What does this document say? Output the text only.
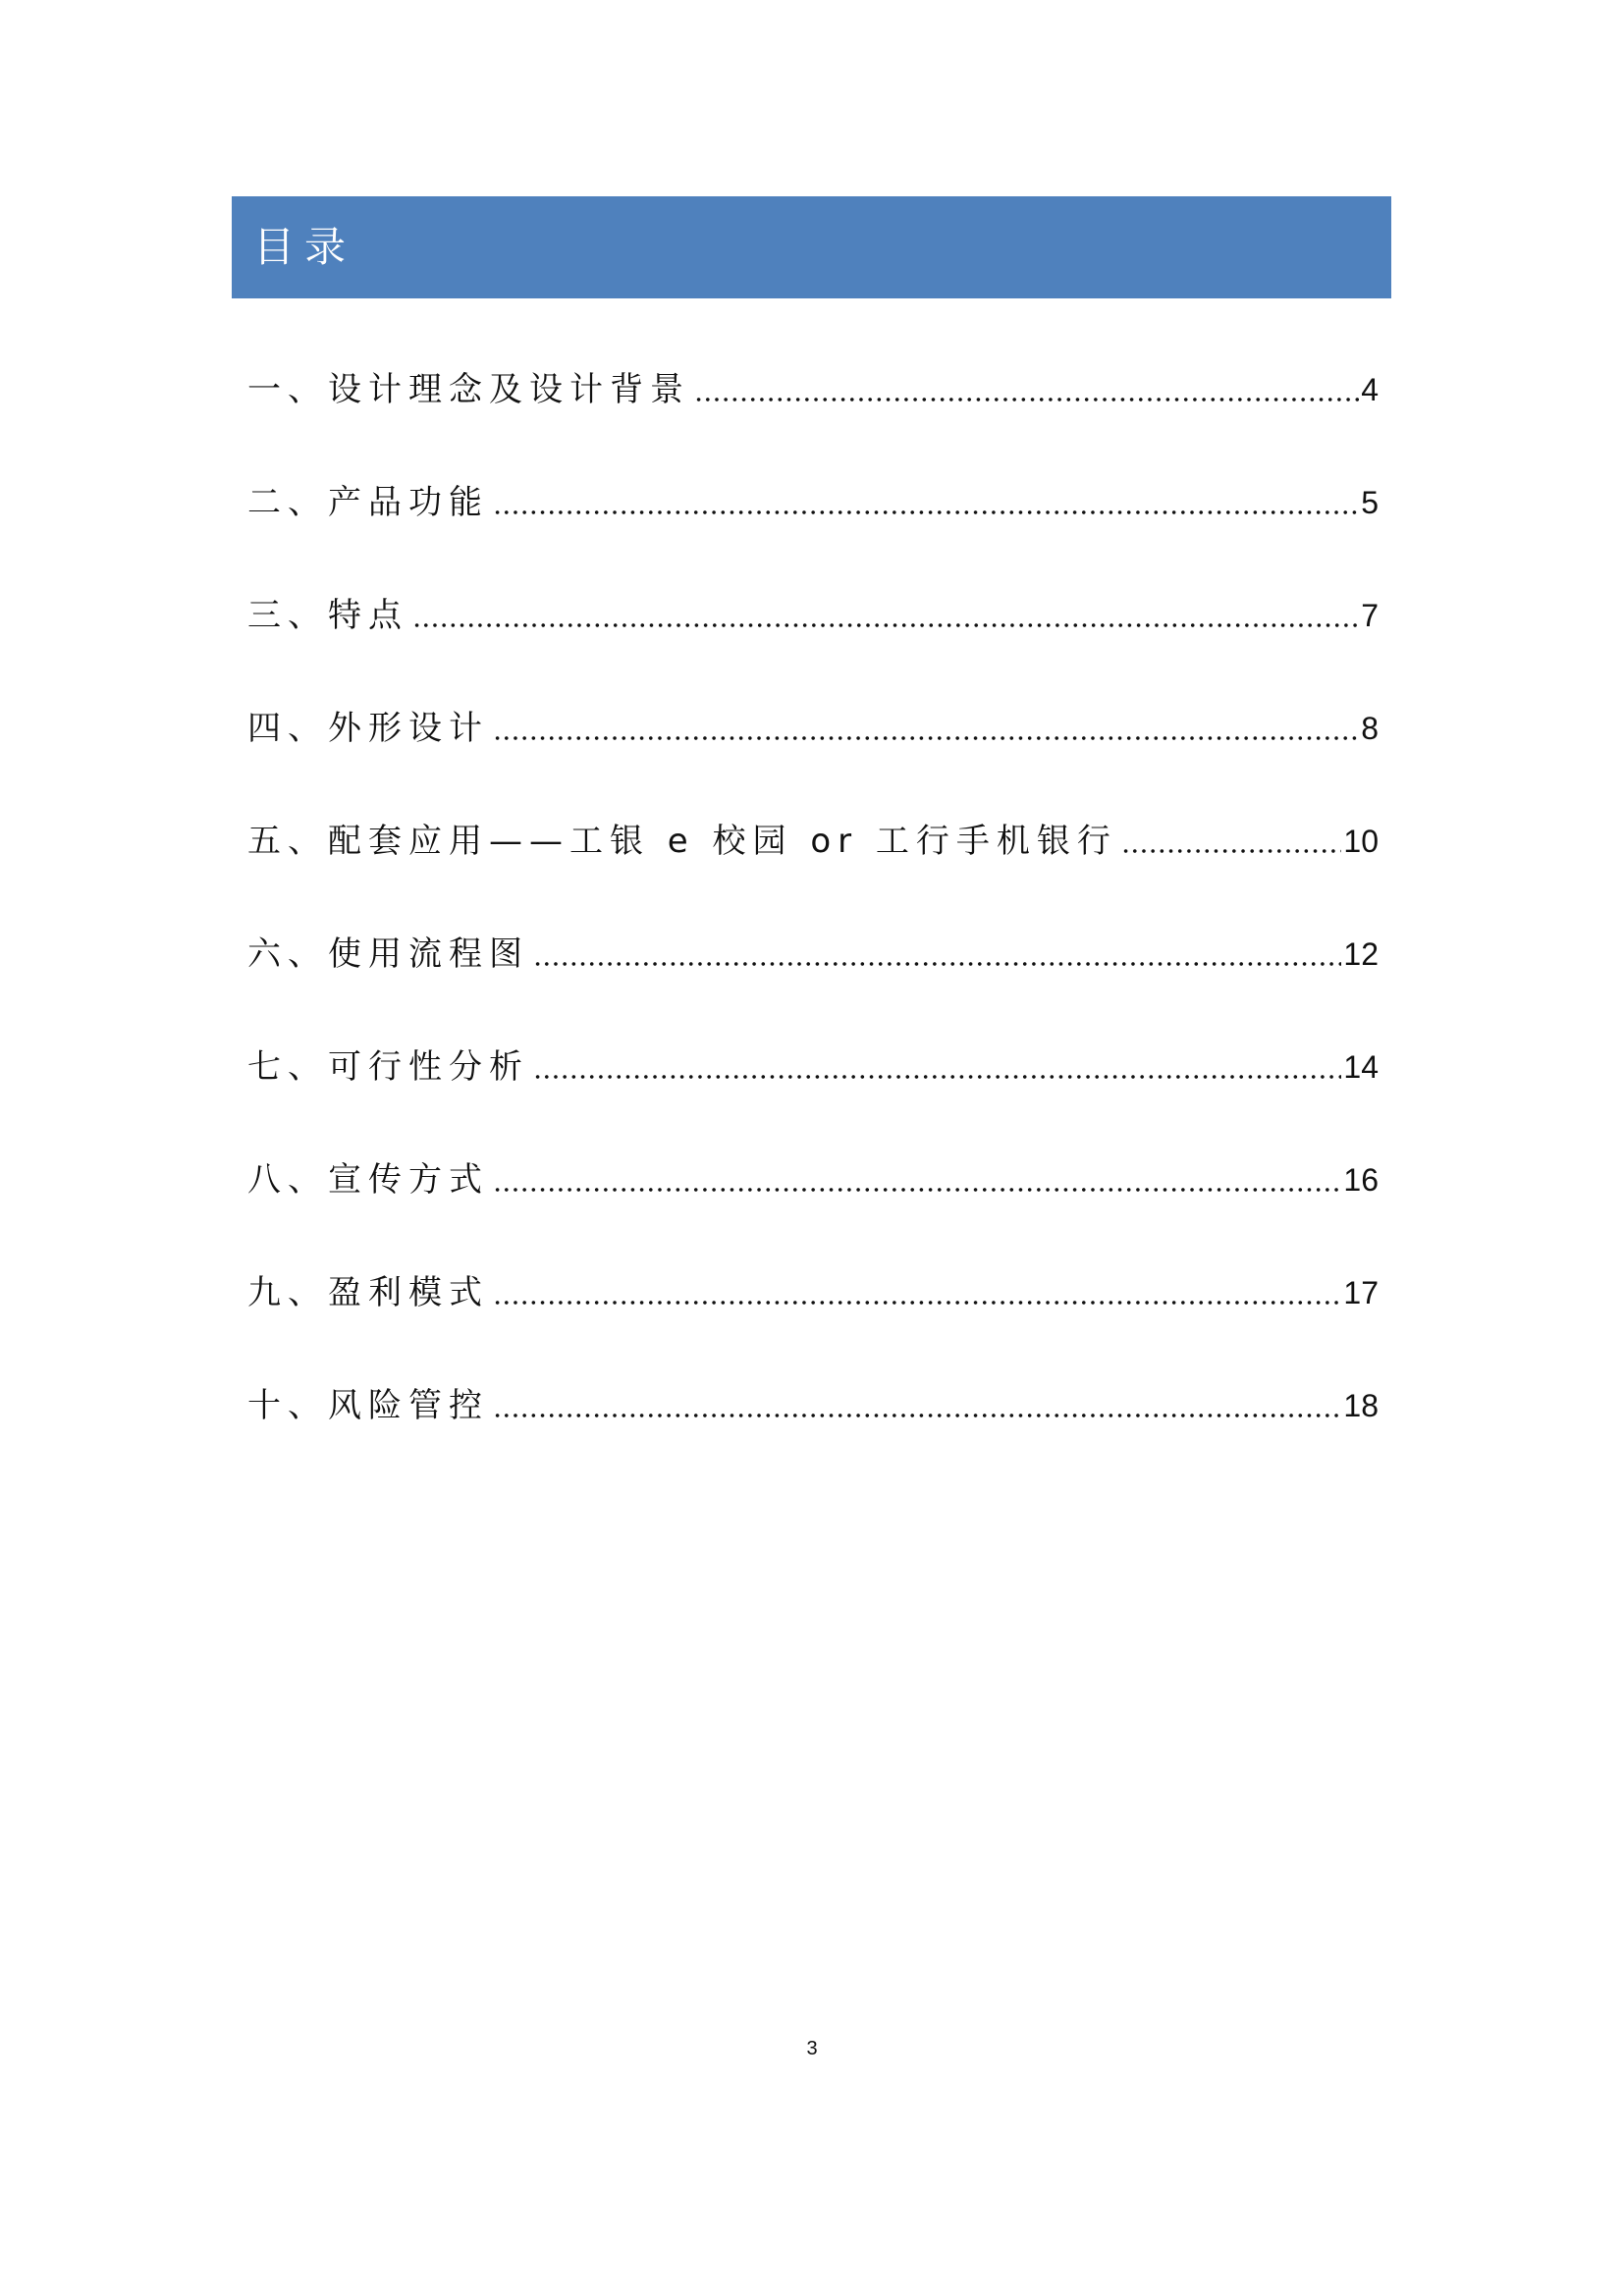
目录
一、设计理念及设计背景	4
二、产品功能	5
三、特点	7
四、外形设计	8
五、配套应用——工银 e 校园 or 工行手机银行	10
六、使用流程图	12
七、可行性分析	14
八、宣传方式	16
九、盈利模式	17
十、风险管控	18
3
